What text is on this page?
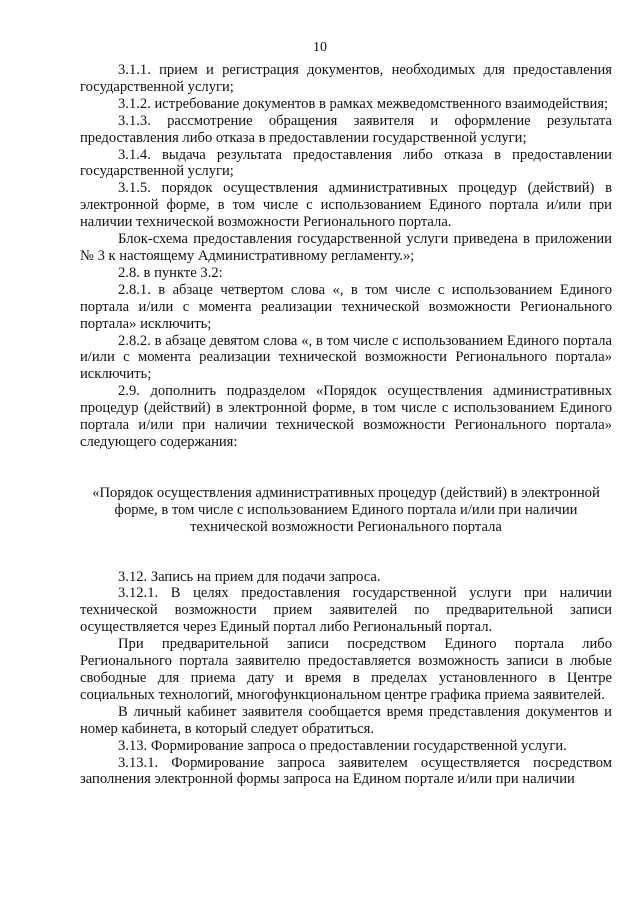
10

3.1.1. прием и регистрация документов, необходимых для предоставления государственной услуги;

3.1.2. истребование документов в рамках межведомственного взаимодействия;

3.1.3. рассмотрение обращения заявителя и оформление результата предоставления либо отказа в предоставлении государственной услуги;

3.1.4. выдача результата предоставления либо отказа в предоставлении государственной услуги;

3.1.5. порядок осуществления административных процедур (действий) в электронной форме, в том числе с использованием Единого портала и/или при наличии технической возможности Регионального портала.

Блок-схема предоставления государственной услуги приведена в приложении № 3 к настоящему Административному регламенту.»;

2.8. в пункте 3.2:

2.8.1. в абзаце четвертом слова «, в том числе с использованием Единого портала и/или с момента реализации технической возможности Регионального портала» исключить;

2.8.2. в абзаце девятом слова «, в том числе с использованием Единого портала и/или с момента реализации технической возможности Регионального портала» исключить;

2.9. дополнить подразделом «Порядок осуществления административных процедур (действий) в электронной форме, в том числе с использованием Единого портала и/или при наличии технической возможности Регионального портала» следующего содержания:

«Порядок осуществления административных процедур (действий) в электронной форме, в том числе с использованием Единого портала и/или при наличии технической возможности Регионального портала

3.12. Запись на прием для подачи запроса.

3.12.1. В целях предоставления государственной услуги при наличии технической возможности прием заявителей по предварительной записи осуществляется через Единый портал либо Региональный портал.

При предварительной записи посредством Единого портала либо Регионального портала заявителю предоставляется возможность записи в любые свободные для приема дату и время в пределах установленного в Центре социальных технологий, многофункциональном центре графика приема заявителей.

В личный кабинет заявителя сообщается время представления документов и номер кабинета, в который следует обратиться.

3.13. Формирование запроса о предоставлении государственной услуги.

3.13.1. Формирование запроса заявителем осуществляется посредством заполнения электронной формы запроса на Едином портале и/или при наличии
